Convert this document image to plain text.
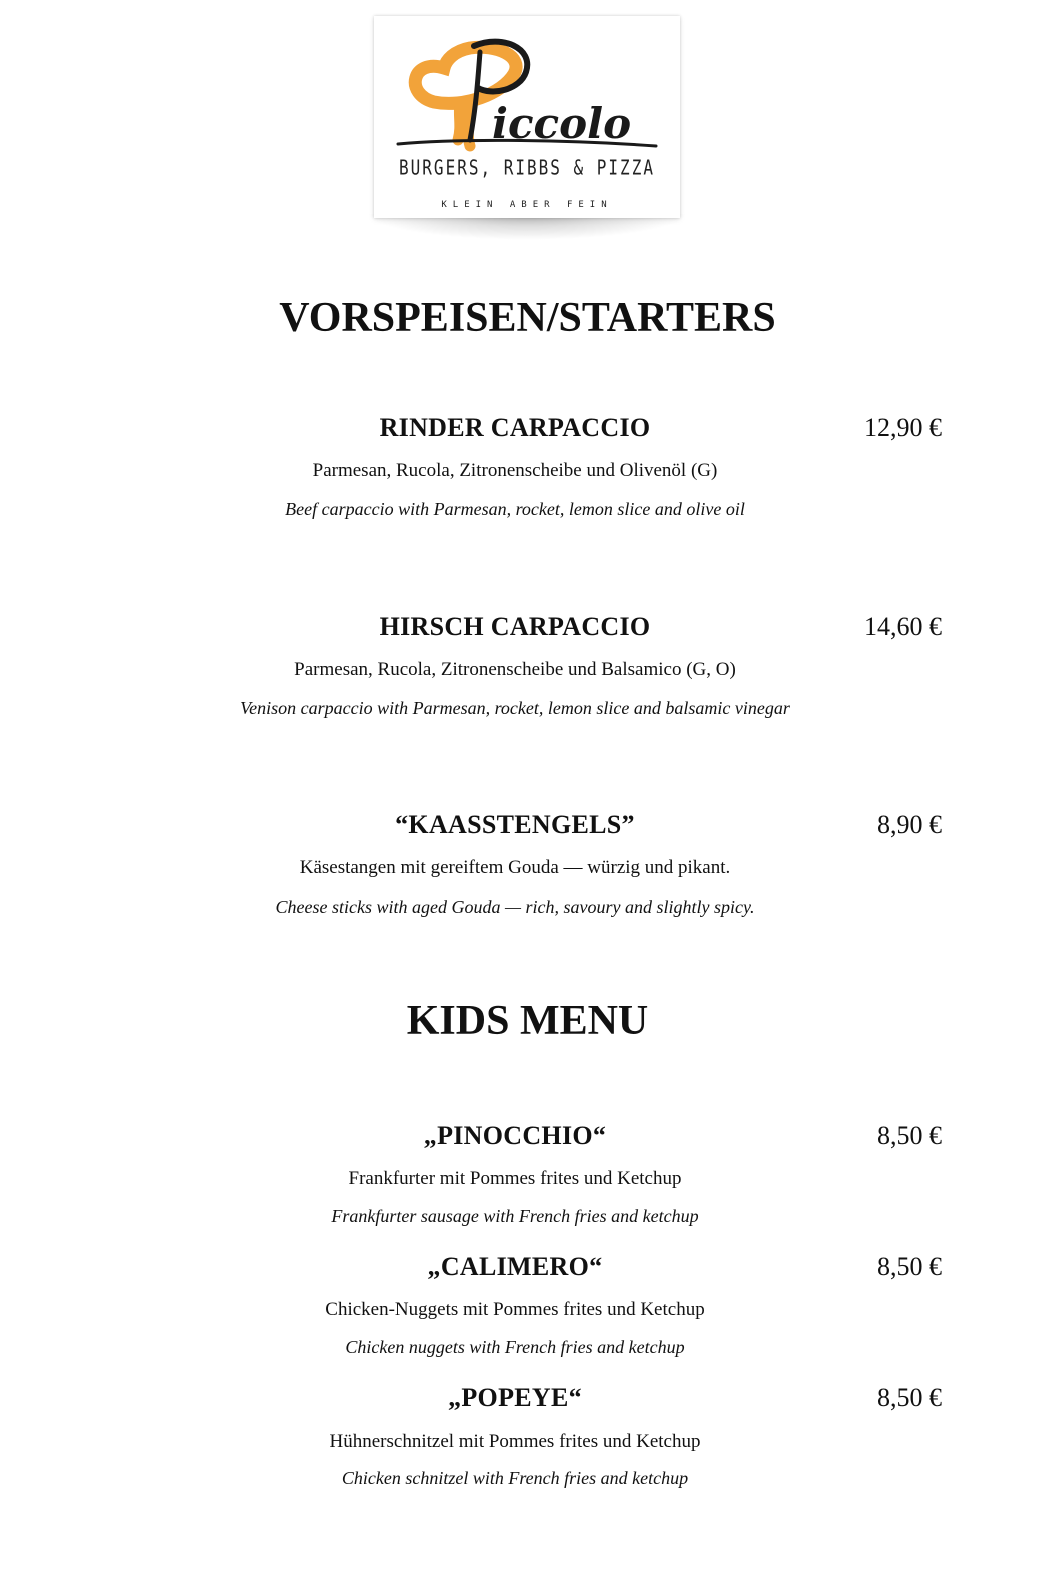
iccolo
BURGERS, RIBBS & PIZZA
KLEIN ABER FEIN
VORSPEISEN/STARTERS
RINDER CARPACCIO	12,90 €
Parmesan, Rucola, Zitronenscheibe und Olivenöl (G)
Beef carpaccio with Parmesan, rocket, lemon slice and olive oil
HIRSCH CARPACCIO	14,60 €
Parmesan, Rucola, Zitronenscheibe und Balsamico (G, O)
Venison carpaccio with Parmesan, rocket, lemon slice and balsamic vinegar
“KAASSTENGELS”	8,90 €
Käsestangen mit gereiftem Gouda — würzig und pikant.
Cheese sticks with aged Gouda — rich, savoury and slightly spicy.
KIDS MENU
„PINOCCHIO“	8,50 €
Frankfurter mit Pommes frites und Ketchup
Frankfurter sausage with French fries and ketchup
„CALIMERO“	8,50 €
Chicken-Nuggets mit Pommes frites und Ketchup
Chicken nuggets with French fries and ketchup
„POPEYE“	8,50 €
Hühnerschnitzel mit Pommes frites und Ketchup
Chicken schnitzel with French fries and ketchup
